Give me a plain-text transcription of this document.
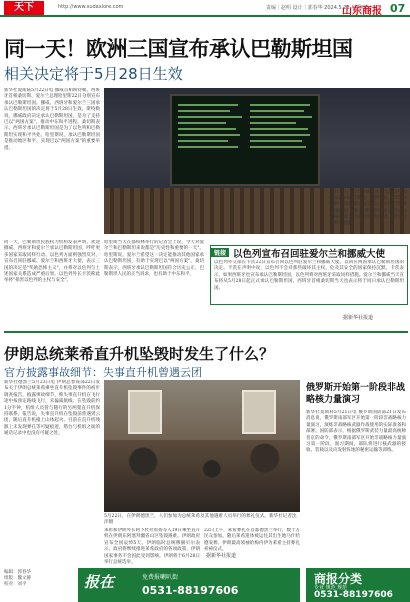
天下	http://www.sudaxiore.com	责编｜赵明 设计｜郭春华 2024.5.23 星期四
山东商报 07
同一天！欧洲三国宣布承认巴勒斯坦国
相关决定将于5月28日生效
新华社爱斯陆5月22日电 挪威首相斯特勒、西班牙首相桑切斯、爱尔兰总理哈里斯22日分别宣布承认巴勒斯坦国。挪威、西班牙和爱尔兰三国承认巴勒斯坦国的决定将于5月28日生效。斯特勒说，挪威政府决定承认巴勒斯坦国，是为了支持巴以"两国方案"，推动中东和平进程。桑切斯表示，西班牙承认巴勒斯坦国是为了以色列和巴勒斯坦实现和平共处。哈里斯说，承认巴勒斯坦国是推动地区和平、实现巴以"两国方案"的重要举措。
同一天，巴勒斯坦民族权力机构发表声明，欢迎挪威、西班牙和爱尔兰承认巴勒斯坦国，呼吁更多国家采取同样行动。以色列方面则强烈反对，宣布召回驻挪威、爱尔兰和西班牙大使，表示三国的决定是"奖励恐怖主义"，并将对以色列与上述国家关系造成严重后果。以色列外长卡茨称此举将"损害以色列的主权与安全"。
哈里斯当天在都柏林举行的记者会上说，今天对爱尔兰和巴勒斯坦来说都是"历史性和重要的一天"。哈里斯说，爱尔兰希望这一决定能推动其他国家承认巴勒斯坦国，有助于实现巴以"两国方案"。桑切斯表示，西班牙承认巴勒斯坦国符合历史公正、巴勒斯坦人民的正当诉求，也有助于中东和平。
5月10日，第十届联合国大会紧急特别会议以143票赞成、9票反对、25票弃权的表决结果通过决议，支持巴勒斯坦国所提《联合国宪章》规定的成员资格并获准为联合国会员国。新华社记者李睿摄
链接 以色列宣布召回驻爱尔兰和挪威大使
以色列外交部长卡茨22日宣布召回以色列驻爱尔兰和挪威大使，以回应两国承认巴勒斯坦国的决定。卡茨在声明中说，以色列不会对那些破坏其主权、危及其安全的国家保持沉默。卡茨表示，如果西班牙也宣布承认巴勒斯坦国，以色列将对西班牙采取同样措施。爱尔兰和挪威当天宣布将从5月28日起正式承认巴勒斯坦国，西班牙首相桑切斯当天也表示将于同日承认巴勒斯坦国。
据新华社报道
伊朗总统莱希直升机坠毁时发生了什么？
官方披露事故细节：失事直升机曾遇云团
新华社德黑兰5月23日电 伊朗总参谋部22日发布关于伊朗总统莱希乘坐直升机坠毁事件的初步调查报告，披露事故细节，称失事直升机在飞行途中按预定路线飞行，未偏离航线；在坠毁前约1分半钟，机组人员曾与随行的另两架直升机保持联系。报告说，失事直升机在坠毁前曾遇到云团，随后直升机撞上山体起火。目前在直升机残骸上未发现弹孔等可疑痕迹，塔台与机组之间的通话记录中也没有可疑之处。
5月22日，在伊朗德黑兰，人们参加为总统莱希及其他遇难人员举行的葬礼仪式。新华社记者沈洋摄
莱希和伊朗外长阿卜杜拉希扬等人19日乘坐直升机在伊朗东阿塞拜疆省山区坠毁遇难。伊朗政府宣布全国哀悼5天。伊朗临时总统穆赫贝尔表示，政府将继续推进莱希政府的各项政策，伊朗国家事务不会因此受到影响。伊朗将于6月28日举行总统选举。
22日上午，莱希葬礼在首都德黑兰举行，数十万民众参加。随后莱希遗体被运往其出生地马什哈德安葬。伊朗最高领袖哈梅内伊为莱希主持葬礼祈祷仪式。
据新华社报道
俄罗斯开始第一阶段非战略核力量演习
新华社莫斯科5月21日电 俄罗斯国防部21日发布消息说，俄罗斯南部军区开始第一阶段非战略核力量演习，演练非战略核武器作战使用的实际准备和部署。国防部表示，根据俄罗斯武装力量最高统帅普京的命令，俄罗斯南部军区开始非战略核力量演习第一阶段。演习期间，部队将进行核武器的接收、装载以及向发射阵地的秘密运输等训练。
编辑：郭春华
组版：魏文静
校对：刘平	报在	免费报喇叭街
0531-88197606
商报分类
专业 规范 规范
0531-88197606
